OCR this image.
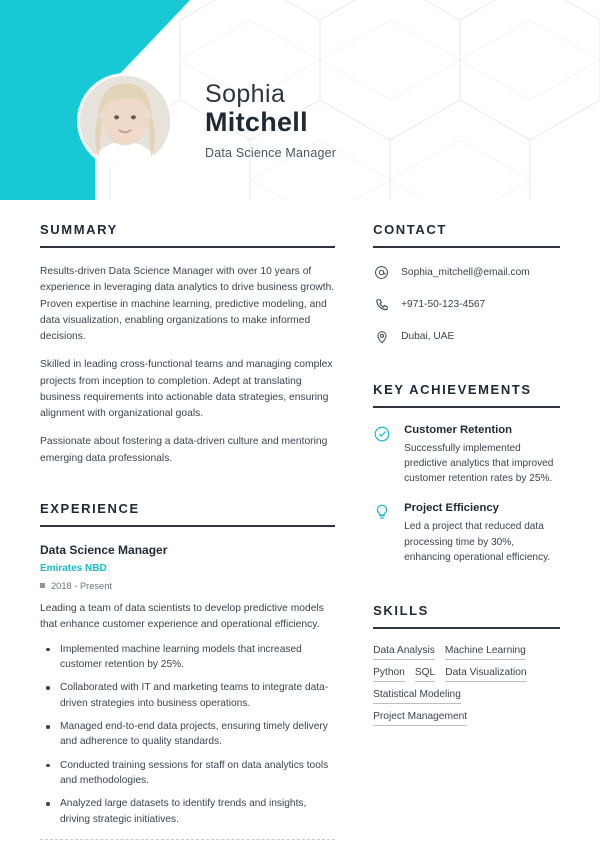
Sophia
Mitchell
Data Science Manager
SUMMARY

Results-driven Data Science Manager with over 10 years of experience in leveraging data analytics to drive business growth. Proven expertise in machine learning, predictive modeling, and data visualization, enabling organizations to make informed decisions.

Skilled in leading cross-functional teams and managing complex projects from inception to completion. Adept at translating business requirements into actionable data strategies, ensuring alignment with organizational goals.

Passionate about fostering a data-driven culture and mentoring emerging data professionals.

EXPERIENCE
Data Science Manager
Emirates NBD
2018 - Present
Leading a team of data scientists to develop predictive models that enhance customer experience and operational efficiency.
Implemented machine learning models that increased customer retention by 25%.
Collaborated with IT and marketing teams to integrate data-driven strategies into business operations.
Managed end-to-end data projects, ensuring timely delivery and adherence to quality standards.
Conducted training sessions for staff on data analytics tools and methodologies.
Analyzed large datasets to identify trends and insights, driving strategic initiatives.
CONTACT
Sophia_mitchell@email.com
+971-50-123-4567
Dubai, UAE
KEY ACHIEVEMENTS
Customer Retention
Successfully implemented predictive analytics that improved customer retention rates by 25%.
Project Efficiency
Led a project that reduced data processing time by 30%, enhancing operational efficiency.
SKILLS
Data Analysis Machine Learning
Python SQL Data Visualization
Statistical Modeling
Project Management
